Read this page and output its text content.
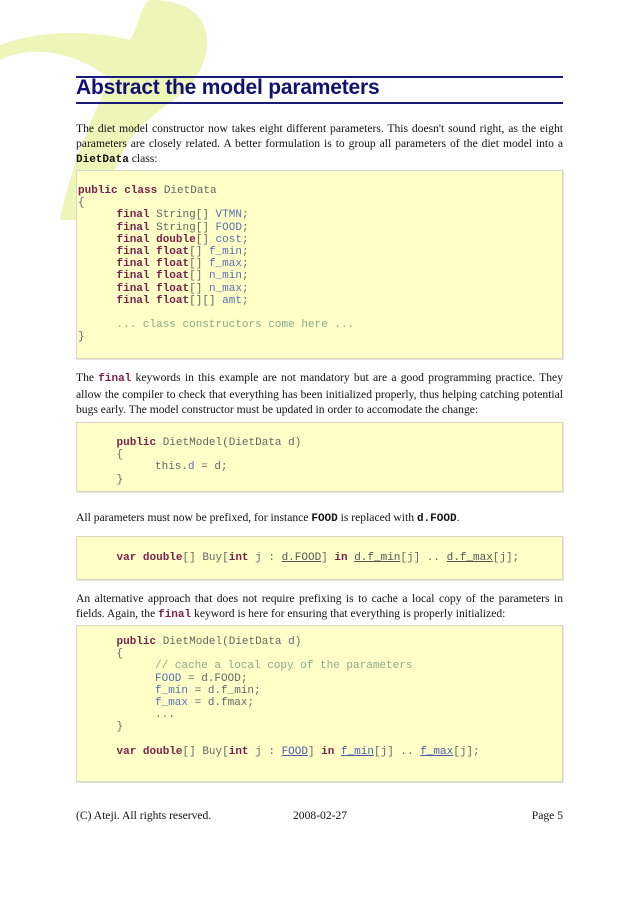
Abstract the model parameters
The diet model constructor now takes eight different parameters. This doesn't sound right, as the eight parameters are closely related. A better formulation is to group all parameters of the diet model into a DietData class:
public class DietData
{
final String[] VTMN;
final String[] FOOD;
final double[] cost;
final float[] f_min;
final float[] f_max;
final float[] n_min;
final float[] n_max;
final float[][] amt;
... class constructors come here ...
}
The final keywords in this example are not mandatory but are a good programming practice. They allow the compiler to check that everything has been initialized properly, thus helping catching potential bugs early. The model constructor must be updated in order to accomodate the change:
public DietModel(DietData d)
{
this.d = d;
}
All parameters must now be prefixed, for instance FOOD is replaced with d.FOOD.
var double[] Buy[int j : d.FOOD] in d.f_min[j] .. d.f_max[j];
An alternative approach that does not require prefixing is to cache a local copy of the parameters in fields. Again, the final keyword is here for ensuring that everything is properly initialized:
public DietModel(DietData d)
{
// cache a local copy of the parameters
FOOD = d.FOOD;
f_min = d.f_min;
f_max = d.fmax;
...
}
var double[] Buy[int j : FOOD] in f_min[j] .. f_max[j];
(C) Ateji. All rights reserved.	2008-02-27	Page 5
